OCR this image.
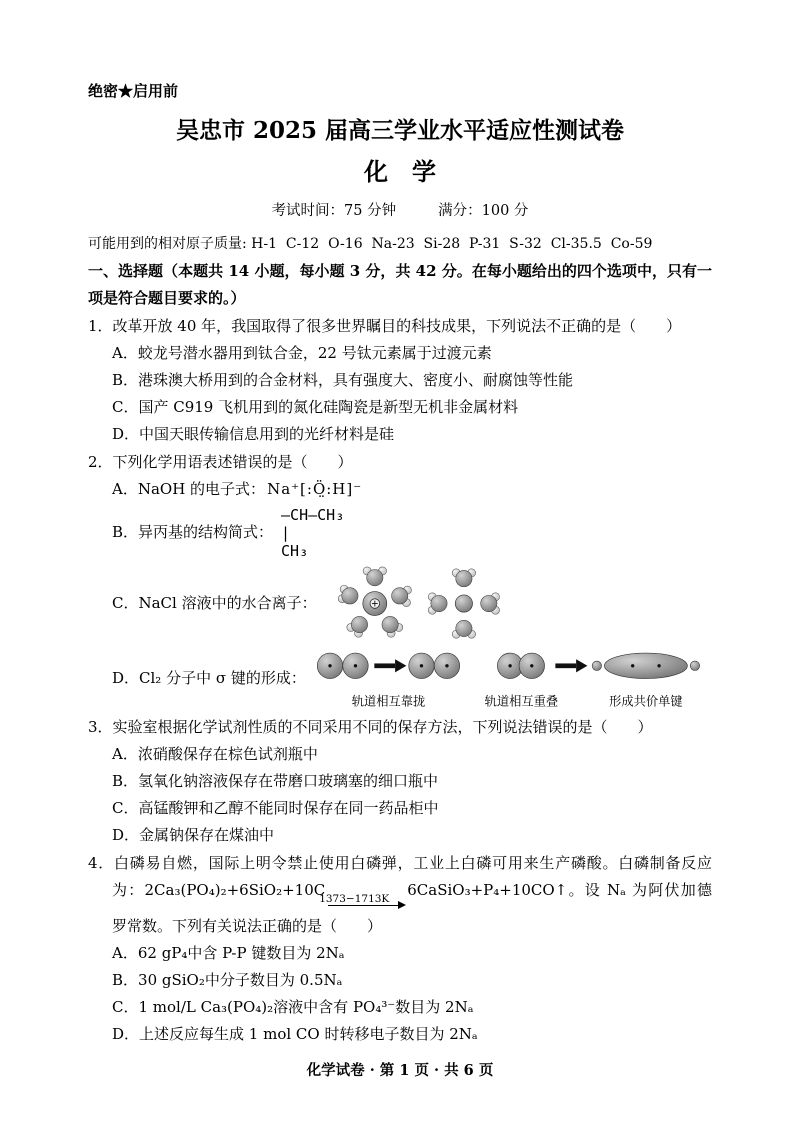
绝密★启用前
吴忠市 2025 届高三学业水平适应性测试卷
化　学
考试时间：75 分钟	满分：100 分
可能用到的相对原子质量: H-1  C-12  O-16  Na-23  Si-28  P-31  S-32  Cl-35.5  Co-59
一、选择题（本题共 14 小题，每小题 3 分，共 42 分。在每小题给出的四个选项中，只有一项是符合题目要求的。）
1．改革开放 40 年，我国取得了很多世界瞩目的科技成果，下列说法不正确的是（　　）
A．蛟龙号潜水器用到钛合金，22 号钛元素属于过渡元素
B．港珠澳大桥用到的合金材料，具有强度大、密度小、耐腐蚀等性能
C．国产 C919 飞机用到的氮化硅陶瓷是新型无机非金属材料
D．中国天眼传输信息用到的光纤材料是硅
2．下列化学用语表述错误的是（　　）
A．NaOH 的电子式： Na⁺[:Ö̤:H]⁻
B．异丙基的结构简式：
—CH—CH₃
|
CH₃
C．NaCl 溶液中的水合离子：
D．Cl₂ 分子中 σ 键的形成：
轨道相互靠拢	轨道相互重叠	形成共价单键
3．实验室根据化学试剂性质的不同采用不同的保存方法，下列说法错误的是（　　）
A．浓硝酸保存在棕色试剂瓶中
B．氢氧化钠溶液保存在带磨口玻璃塞的细口瓶中
C．高锰酸钾和乙醇不能同时保存在同一药品柜中
D．金属钠保存在煤油中
4．白磷易自燃，国际上明令禁止使用白磷弹，工业上白磷可用来生产磷酸。白磷制备反应为：2Ca₃(PO₄)₂+6SiO₂+10C
1373−1713K 6CaSiO₃+P₄+10CO↑。设 Nₐ 为阿伏加德罗常数。下列有关说法正确的是（　　）
A．62 gP₄中含 P-P 键数目为 2Nₐ
B．30 gSiO₂中分子数目为 0.5Nₐ
C．1 mol/L Ca₃(PO₄)₂溶液中含有 PO₄³⁻数目为 2Nₐ
D．上述反应每生成 1 mol CO 时转移电子数目为 2Nₐ
化学试卷 · 第 1 页 · 共 6 页
